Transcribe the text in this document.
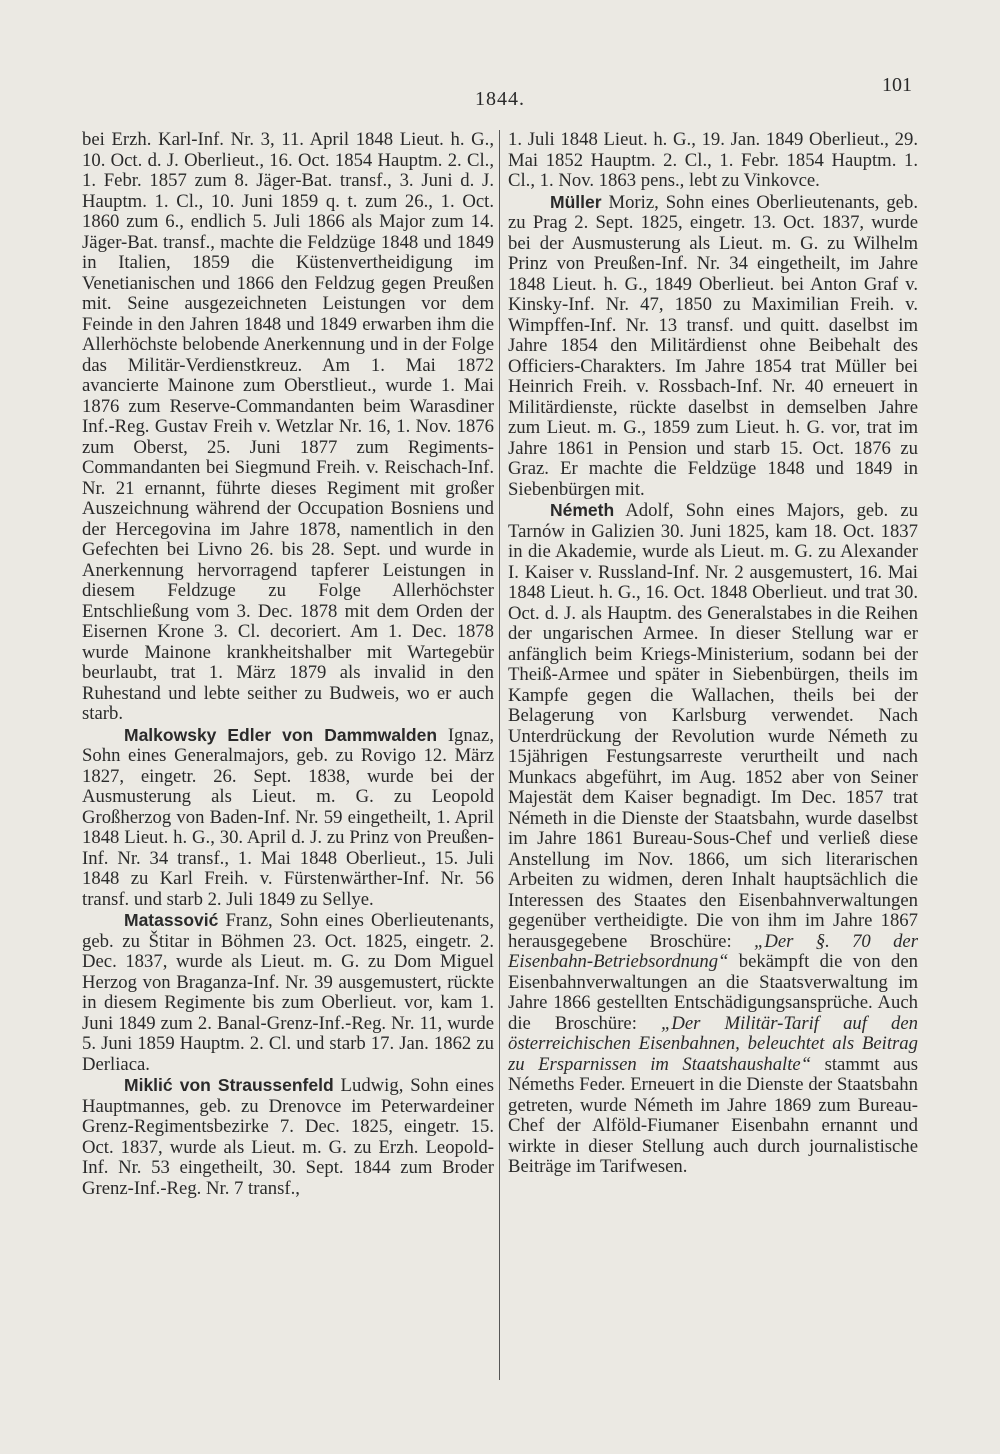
1844.
101

bei Erzh. Karl-Inf. Nr. 3, 11. April 1848 Lieut. h. G., 10. Oct. d. J. Oberlieut., 16. Oct. 1854 Hauptm. 2. Cl., 1. Febr. 1857 zum 8. Jäger-Bat. transf., 3. Juni d. J. Hauptm. 1. Cl., 10. Juni 1859 q. t. zum 26., 1. Oct. 1860 zum 6., endlich 5. Juli 1866 als Major zum 14. Jäger-Bat. transf., machte die Feldzüge 1848 und 1849 in Italien, 1859 die Küstenvertheidigung im Venetianischen und 1866 den Feldzug gegen Preußen mit. Seine ausgezeichneten Leistungen vor dem Feinde in den Jahren 1848 und 1849 erwarben ihm die Allerhöchste belobende Anerkennung und in der Folge das Militär-Verdienstkreuz. Am 1. Mai 1872 avancierte Mainone zum Oberstlieut., wurde 1. Mai 1876 zum Reserve-Commandanten beim Warasdiner Inf.-Reg. Gustav Freih v. Wetzlar Nr. 16, 1. Nov. 1876 zum Oberst, 25. Juni 1877 zum Regiments-Commandanten bei Siegmund Freih. v. Reischach-Inf. Nr. 21 ernannt, führte dieses Regiment mit großer Auszeichnung während der Occupation Bosniens und der Hercegovina im Jahre 1878, namentlich in den Gefechten bei Livno 26. bis 28. Sept. und wurde in Anerkennung hervorragend tapferer Leistungen in diesem Feldzuge zu Folge Allerhöchster Entschließung vom 3. Dec. 1878 mit dem Orden der Eisernen Krone 3. Cl. decoriert. Am 1. Dec. 1878 wurde Mainone krankheitshalber mit Wartegebür beurlaubt, trat 1. März 1879 als invalid in den Ruhestand und lebte seither zu Budweis, wo er auch starb.

Malkowsky Edler von Dammwalden Ignaz, Sohn eines Generalmajors, geb. zu Rovigo 12. März 1827, eingetr. 26. Sept. 1838, wurde bei der Ausmusterung als Lieut. m. G. zu Leopold Großherzog von Baden-Inf. Nr. 59 eingetheilt, 1. April 1848 Lieut. h. G., 30. April d. J. zu Prinz von Preußen-Inf. Nr. 34 transf., 1. Mai 1848 Oberlieut., 15. Juli 1848 zu Karl Freih. v. Fürstenwärther-Inf. Nr. 56 transf. und starb 2. Juli 1849 zu Sellye.

Matassović Franz, Sohn eines Oberlieutenants, geb. zu Štitar in Böhmen 23. Oct. 1825, eingetr. 2. Dec. 1837, wurde als Lieut. m. G. zu Dom Miguel Herzog von Braganza-Inf. Nr. 39 ausgemustert, rückte in diesem Regimente bis zum Oberlieut. vor, kam 1. Juni 1849 zum 2. Banal-Grenz-Inf.-Reg. Nr. 11, wurde 5. Juni 1859 Hauptm. 2. Cl. und starb 17. Jan. 1862 zu Derliaca.

Miklić von Straussenfeld Ludwig, Sohn eines Hauptmannes, geb. zu Drenovce im Peterwardeiner Grenz-Regimentsbezirke 7. Dec. 1825, eingetr. 15. Oct. 1837, wurde als Lieut. m. G. zu Erzh. Leopold-Inf. Nr. 53 eingetheilt, 30. Sept. 1844 zum Broder Grenz-Inf.-Reg. Nr. 7 transf.,

1. Juli 1848 Lieut. h. G., 19. Jan. 1849 Oberlieut., 29. Mai 1852 Hauptm. 2. Cl., 1. Febr. 1854 Hauptm. 1. Cl., 1. Nov. 1863 pens., lebt zu Vinkovce.

Müller Moriz, Sohn eines Oberlieutenants, geb. zu Prag 2. Sept. 1825, eingetr. 13. Oct. 1837, wurde bei der Ausmusterung als Lieut. m. G. zu Wilhelm Prinz von Preußen-Inf. Nr. 34 eingetheilt, im Jahre 1848 Lieut. h. G., 1849 Oberlieut. bei Anton Graf v. Kinsky-Inf. Nr. 47, 1850 zu Maximilian Freih. v. Wimpffen-Inf. Nr. 13 transf. und quitt. daselbst im Jahre 1854 den Militärdienst ohne Beibehalt des Officiers-Charakters. Im Jahre 1854 trat Müller bei Heinrich Freih. v. Rossbach-Inf. Nr. 40 erneuert in Militärdienste, rückte daselbst in demselben Jahre zum Lieut. m. G., 1859 zum Lieut. h. G. vor, trat im Jahre 1861 in Pension und starb 15. Oct. 1876 zu Graz. Er machte die Feldzüge 1848 und 1849 in Siebenbürgen mit.

Németh Adolf, Sohn eines Majors, geb. zu Tarnów in Galizien 30. Juni 1825, kam 18. Oct. 1837 in die Akademie, wurde als Lieut. m. G. zu Alexander I. Kaiser v. Russland-Inf. Nr. 2 ausgemustert, 16. Mai 1848 Lieut. h. G., 16. Oct. 1848 Oberlieut. und trat 30. Oct. d. J. als Hauptm. des Generalstabes in die Reihen der ungarischen Armee. In dieser Stellung war er anfänglich beim Kriegs-Ministerium, sodann bei der Theiß-Armee und später in Siebenbürgen, theils im Kampfe gegen die Wallachen, theils bei der Belagerung von Karlsburg verwendet. Nach Unterdrückung der Revolution wurde Németh zu 15jährigen Festungsarreste verurtheilt und nach Munkacs abgeführt, im Aug. 1852 aber von Seiner Majestät dem Kaiser begnadigt. Im Dec. 1857 trat Németh in die Dienste der Staatsbahn, wurde daselbst im Jahre 1861 Bureau-Sous-Chef und verließ diese Anstellung im Nov. 1866, um sich literarischen Arbeiten zu widmen, deren Inhalt hauptsächlich die Interessen des Staates den Eisenbahnverwaltungen gegenüber vertheidigte. Die von ihm im Jahre 1867 herausgegebene Broschüre: „Der §. 70 der Eisenbahn-Betriebsordnung“ bekämpft die von den Eisenbahnverwaltungen an die Staatsverwaltung im Jahre 1866 gestellten Entschädigungsansprüche. Auch die Broschüre: „Der Militär-Tarif auf den österreichischen Eisenbahnen, beleuchtet als Beitrag zu Ersparnissen im Staatshaushalte“ stammt aus Némeths Feder. Erneuert in die Dienste der Staatsbahn getreten, wurde Németh im Jahre 1869 zum Bureau-Chef der Alföld-Fiumaner Eisenbahn ernannt und wirkte in dieser Stellung auch durch journalistische Beiträge im Tarifwesen.
